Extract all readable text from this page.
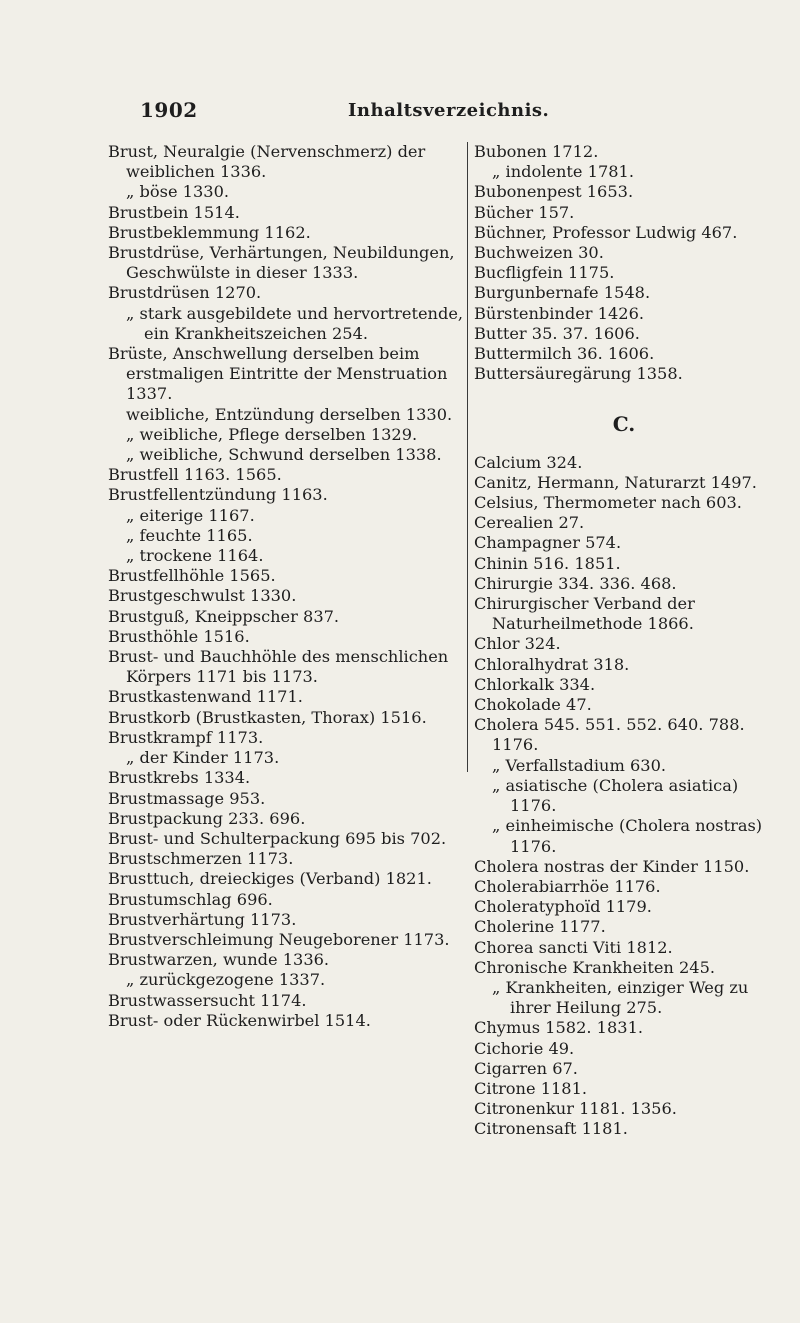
1902	Inhaltsverzeichnis.

Brust, Neuralgie (Nervenschmerz) der weiblichen 1336.

„ böse 1330.

Brustbein 1514.

Brustbeklemmung 1162.

Brustdrüse, Verhärtungen, Neubildungen, Geschwülste in dieser 1333.

Brustdrüsen 1270.

„ stark ausgebildete und hervortretende, ein Krankheitszeichen 254.

Brüste, Anschwellung derselben beim erstmaligen Eintritte der Menstruation 1337.

weibliche, Entzündung derselben 1330.

„ weibliche, Pflege derselben 1329.

„ weibliche, Schwund derselben 1338.

Brustfell 1163. 1565.

Brustfellentzündung 1163.

„ eiterige 1167.

„ feuchte 1165.

„ trockene 1164.

Brustfellhöhle 1565.

Brustgeschwulst 1330.

Brustguß, Kneippscher 837.

Brusthöhle 1516.

Brust- und Bauchhöhle des menschlichen Körpers 1171 bis 1173.

Brustkastenwand 1171.

Brustkorb (Brustkasten, Thorax) 1516.

Brustkrampf 1173.

„ der Kinder 1173.

Brustkrebs 1334.

Brustmassage 953.

Brustpackung 233. 696.

Brust- und Schulterpackung 695 bis 702.

Brustschmerzen 1173.

Brusttuch, dreieckiges (Verband) 1821.

Brustumschlag 696.

Brustverhärtung 1173.

Brustverschleimung Neugeborener 1173.

Brustwarzen, wunde 1336.

„ zurückgezogene 1337.

Brustwassersucht 1174.

Brust- oder Rückenwirbel 1514.

Bubonen 1712.

„ indolente 1781.

Bubonenpest 1653.

Bücher 157.

Büchner, Professor Ludwig 467.

Buchweizen 30.

Bucfligfein 1175.

Burgunbernafe 1548.

Bürstenbinder 1426.

Butter 35. 37. 1606.

Buttermilch 36. 1606.

Buttersäuregärung 1358.

C.

Calcium 324.

Canitz, Hermann, Naturarzt 1497.

Celsius, Thermometer nach 603.

Cerealien 27.

Champagner 574.

Chinin 516. 1851.

Chirurgie 334. 336. 468.

Chirurgischer Verband der Naturheilmethode 1866.

Chlor 324.

Chloralhydrat 318.

Chlorkalk 334.

Chokolade 47.

Cholera 545. 551. 552. 640. 788. 1176.

„ Verfallstadium 630.

„ asiatische (Cholera asiatica) 1176.

„ einheimische (Cholera nostras) 1176.

Cholera nostras der Kinder 1150.

Cholerabiarrhöe 1176.

Choleratyphoïd 1179.

Cholerine 1177.

Chorea sancti Viti 1812.

Chronische Krankheiten 245.

„ Krankheiten, einziger Weg zu ihrer Heilung 275.

Chymus 1582. 1831.

Cichorie 49.

Cigarren 67.

Citrone 1181.

Citronenkur 1181. 1356.

Citronensaft 1181.
